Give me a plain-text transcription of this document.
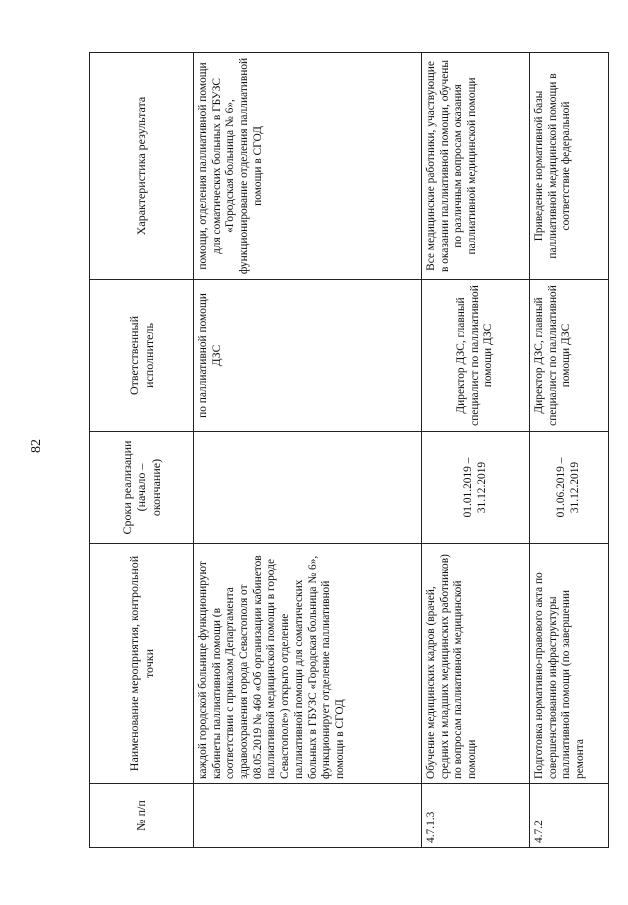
82
№ п/п	Наименование мероприятия, контрольной точки	Сроки реализации (начало – окончание)	Ответственный исполнитель	Характеристика результата
	каждой городской больнице функционируют кабинеты паллиативной помощи (в соответствии с приказом Департамента здравоохранения города Севастополя от 08.05.2019 № 460 «Об организации кабинетов паллиативной медицинской помощи в городе Севастополе») открыто отделение паллиативной помощи для соматических больных в ГБУЗС «Городская больница № 6», функционирует отделение паллиативной помощи в СГОД		по паллиативной помощи ДЗС	помощи, отделения паллиативной помощи для соматических больных в ГБУЗС «Городская больница № 6», функционирование отделения паллиативной помощи в СГОД
4.7.1.3	Обучение медицинских кадров (врачей, средних и младших медицинских работников) по вопросам паллиативной медицинской помощи	01.01.2019 – 31.12.2019	Директор ДЗС, главный специалист по паллиативной помощи ДЗС	Все медицинские работники, участвующие в оказании паллиативной помощи, обучены по различным вопросам оказания паллиативной медицинской помощи
4.7.2	Подготовка нормативно-правового акта по совершенствованию инфраструктуры паллиативной помощи (по завершении ремонта	01.06.2019 – 31.12.2019	Директор ДЗС, главный специалист по паллиативной помощи ДЗС	Приведение нормативной базы паллиативной медицинской помощи в соответствие федеральной
